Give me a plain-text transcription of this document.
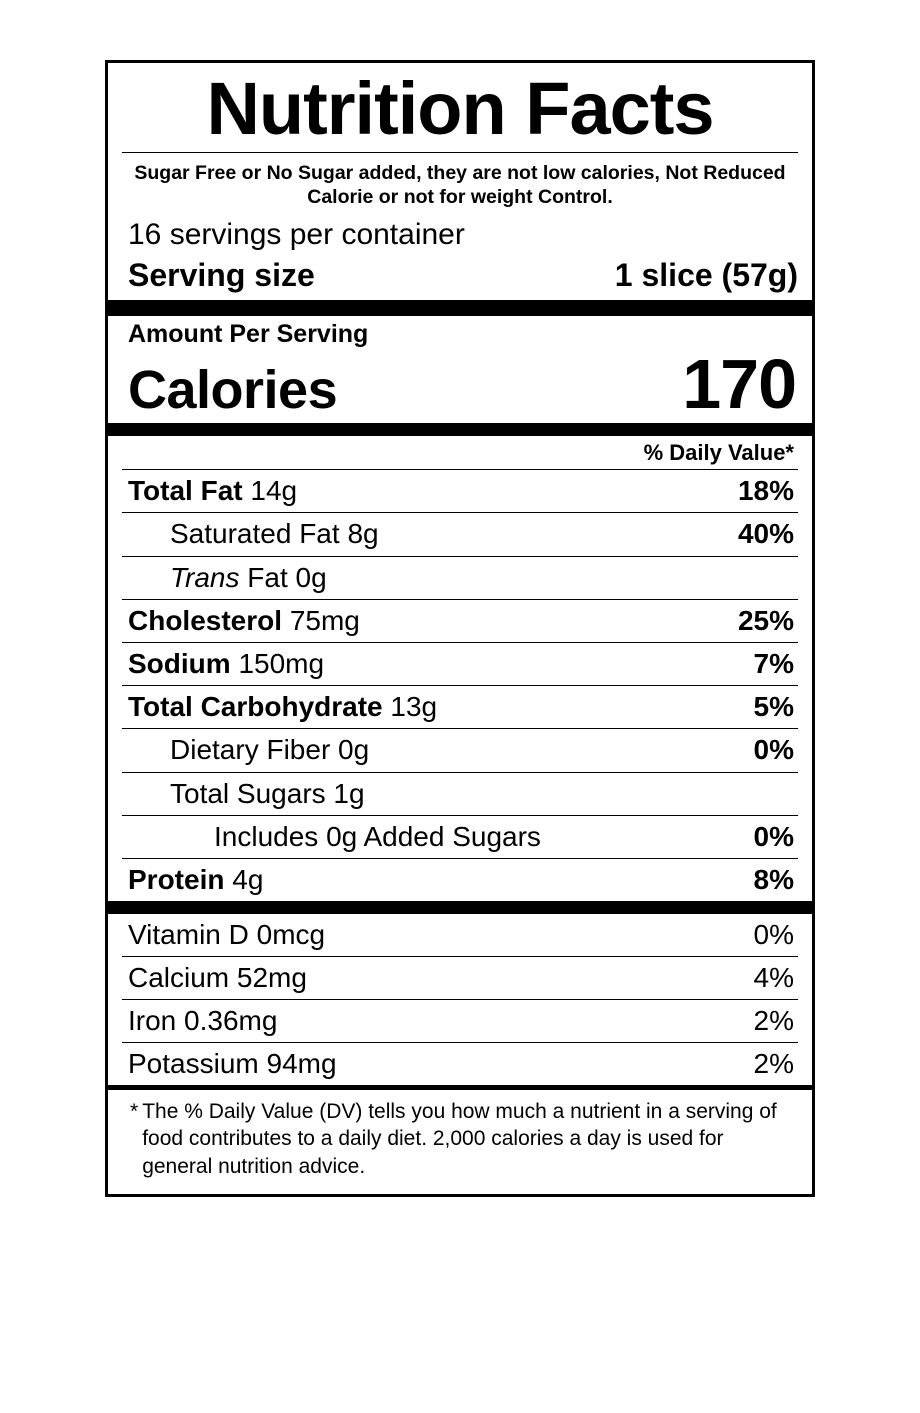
Nutrition Facts
Sugar Free or No Sugar added, they are not low calories, Not Reduced Calorie or not for weight Control.
16 servings per container
Serving size	1 slice (57g)
Amount Per Serving
Calories	170
% Daily Value*
Total Fat 14g	18%
Saturated Fat 8g	40%
Trans Fat 0g
Cholesterol 75mg	25%
Sodium 150mg	7%
Total Carbohydrate 13g	5%
Dietary Fiber 0g	0%
Total Sugars 1g
Includes 0g Added Sugars	0%
Protein 4g	8%
Vitamin D 0mcg	0%
Calcium 52mg	4%
Iron 0.36mg	2%
Potassium 94mg	2%
* The % Daily Value (DV) tells you how much a nutrient in a serving of food contributes to a daily diet. 2,000 calories a day is used for general nutrition advice.
